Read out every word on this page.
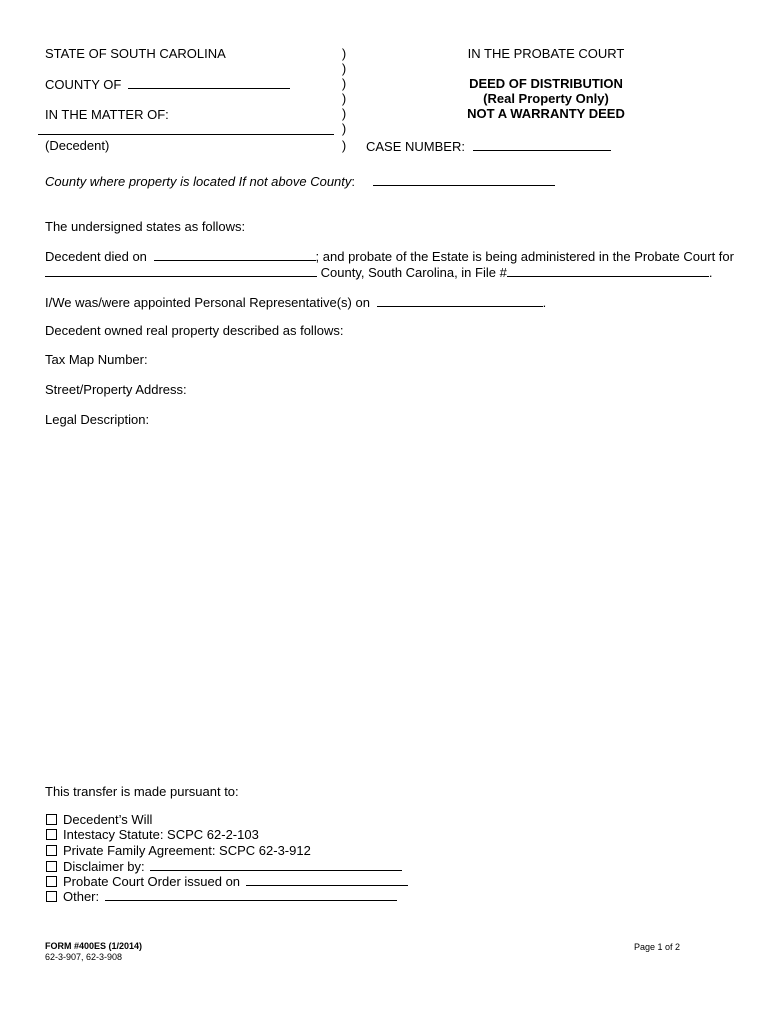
STATE OF SOUTH CAROLINA
COUNTY OF
IN THE MATTER OF:
(Decedent)
)
)
)
)
)
)
)
IN THE PROBATE COURT
DEED OF DISTRIBUTION
(Real Property Only)
NOT A WARRANTY DEED
CASE NUMBER:
County where property is located If not above County:
The undersigned states as follows:
Decedent died on	; and probate of the Estate is being administered in the Probate Court for
County, South Carolina, in File #	.
I/We was/were appointed Personal Representative(s) on	.
Decedent owned real property described as follows:
Tax Map Number:
Street/Property Address:
Legal Description:
This transfer is made pursuant to:
Decedent’s Will
Intestacy Statute: SCPC 62-2-103
Private Family Agreement: SCPC 62-3-912
Disclaimer by:
Probate Court Order issued on
Other:
FORM #400ES (1/2014)
62-3-907, 62-3-908
Page 1 of 2
